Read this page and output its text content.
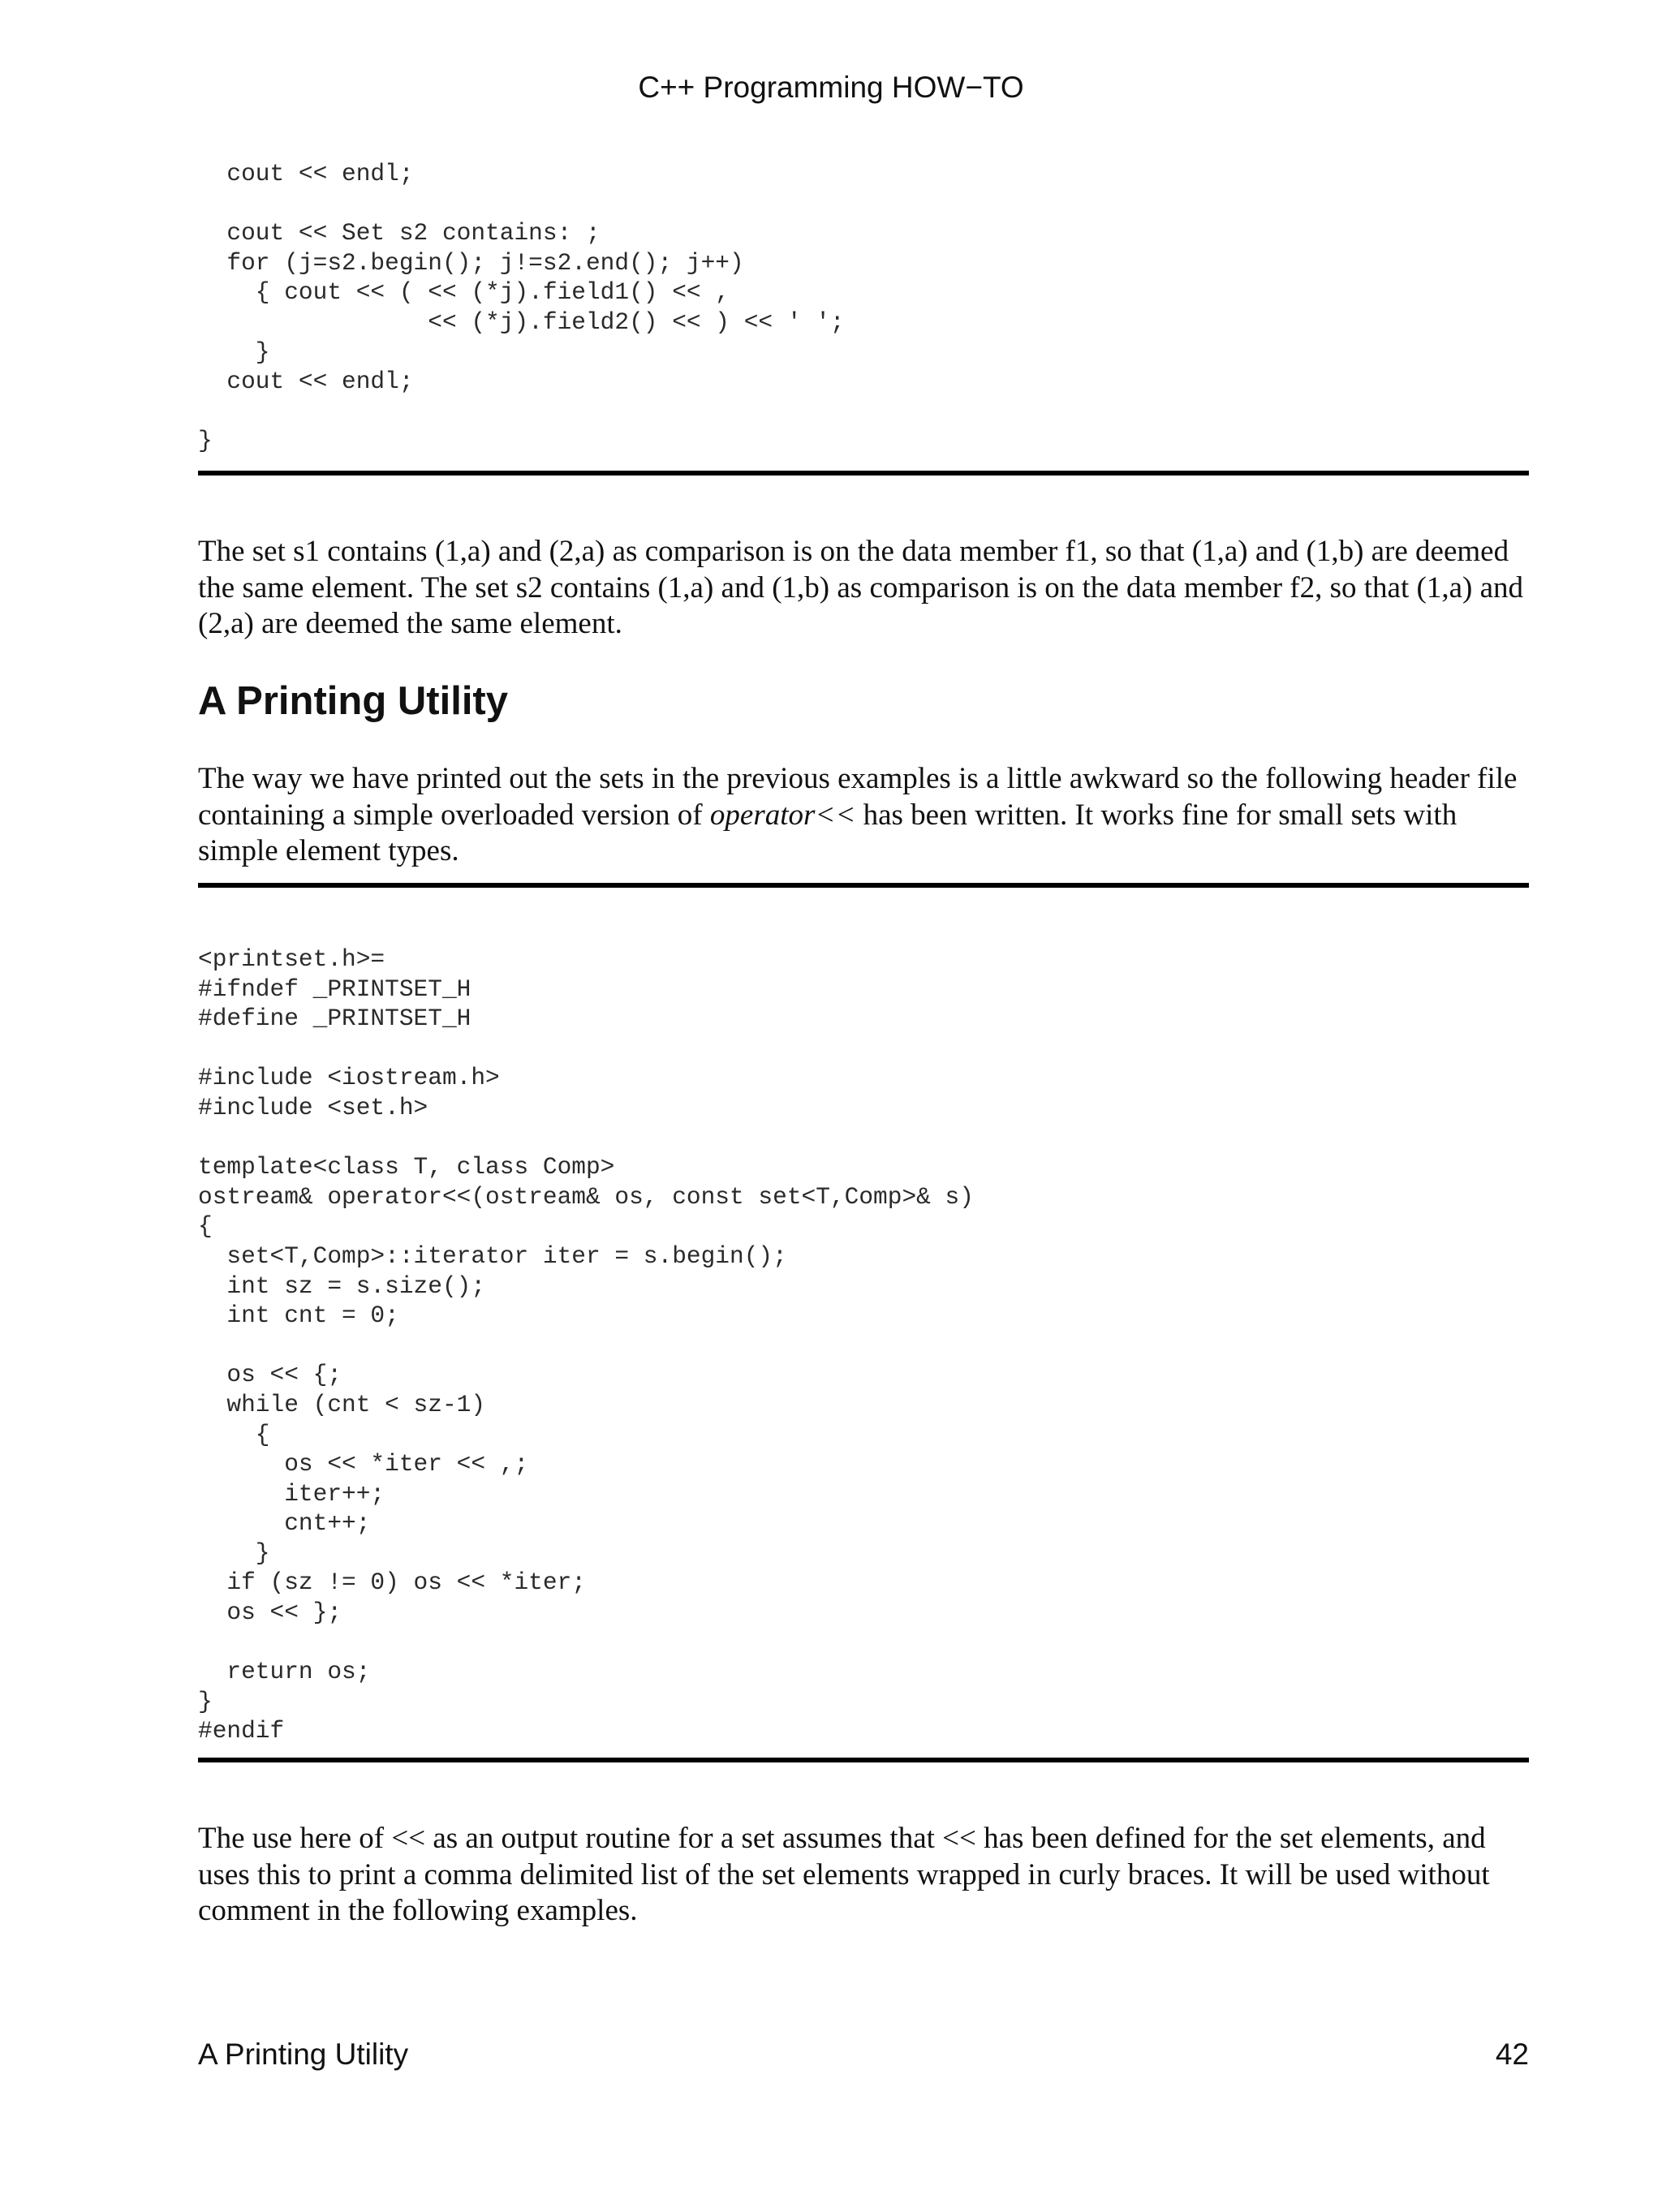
C++ Programming HOW−TO
cout << endl;

cout << Set s2 contains: ;
for (j=s2.begin(); j!=s2.end(); j++)
{ cout << ( << (*j).field1() << ,
<< (*j).field2() << ) << ' ';
}
cout << endl;

}

The set s1 contains (1,a) and (2,a) as comparison is on the data member f1, so that (1,a) and (1,b) are deemed the same element. The set s2 contains (1,a) and (1,b) as comparison is on the data member f2, so that (1,a) and (2,a) are deemed the same element.

A Printing Utility

The way we have printed out the sets in the previous examples is a little awkward so the following header file containing a simple overloaded version of operator<< has been written. It works fine for small sets with simple element types.

<printset.h>=
#ifndef _PRINTSET_H
#define _PRINTSET_H

#include <iostream.h>
#include <set.h>

template<class T, class Comp>
ostream& operator<<(ostream& os, const set<T,Comp>& s)
{
set<T,Comp>::iterator iter = s.begin();
int sz = s.size();
int cnt = 0;

os << {;
while (cnt < sz-1)
{
os << *iter << ,;
iter++;
cnt++;
}
if (sz != 0) os << *iter;
os << };

return os;
}
#endif

The use here of << as an output routine for a set assumes that << has been defined for the set elements, and uses this to print a comma delimited list of the set elements wrapped in curly braces. It will be used without comment in the following examples.

A Printing Utility	42
